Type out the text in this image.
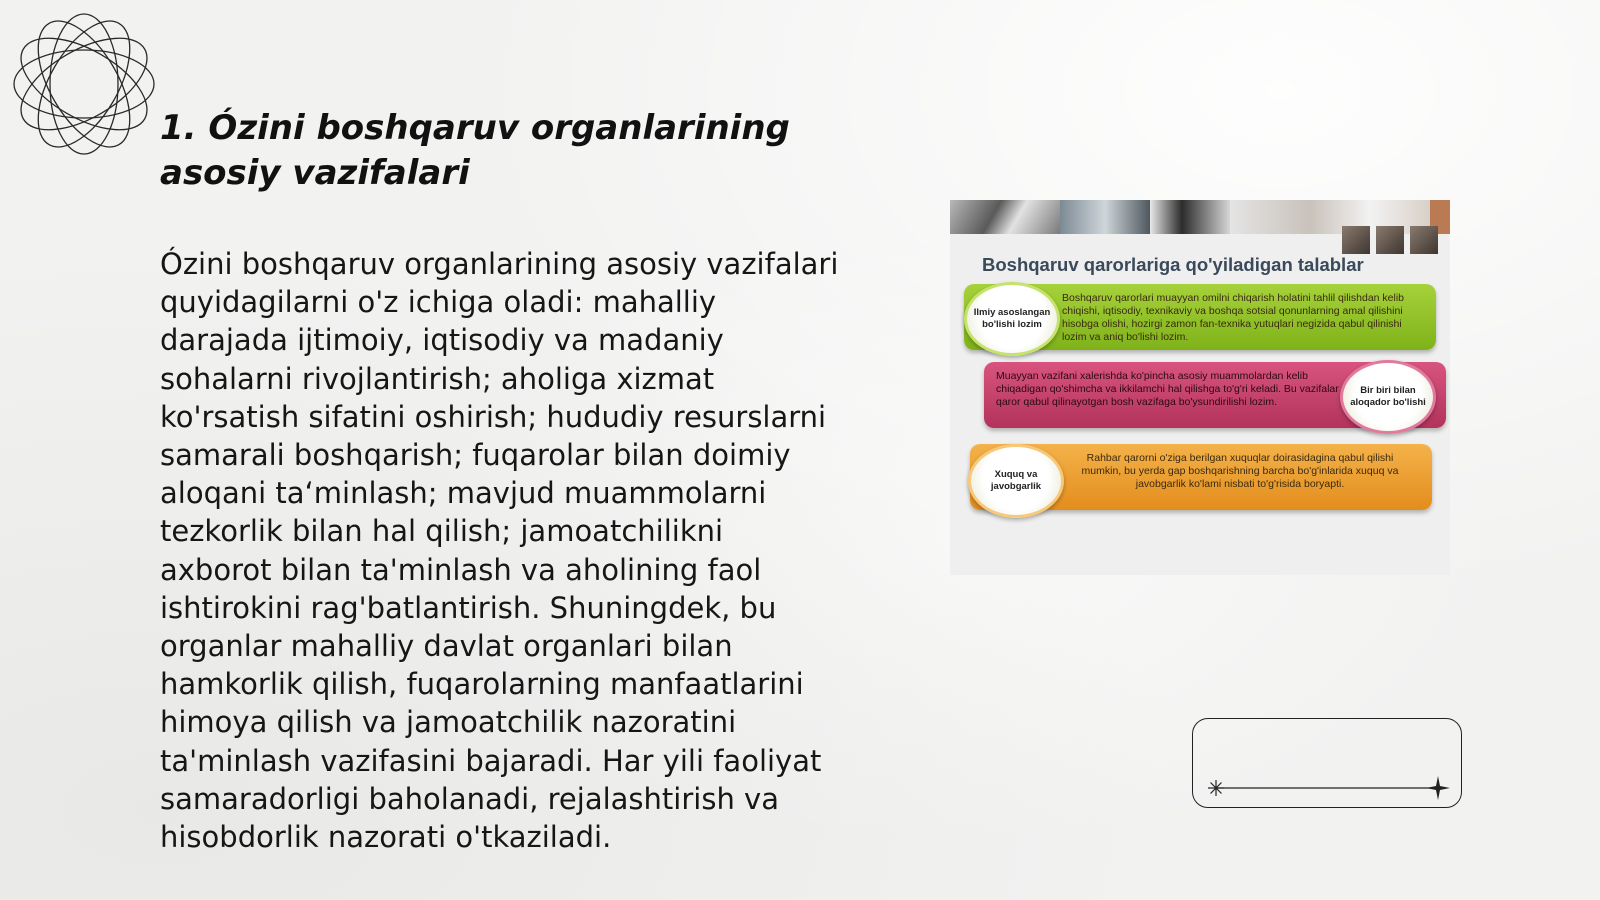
1. Ózini boshqaruv organlarining asosiy vazifalari
Ózini boshqaruv organlarining asosiy vazifalari quyidagilarni o'z ichiga oladi: mahalliy darajada ijtimoiy, iqtisodiy va madaniy sohalarni rivojlantirish; aholiga xizmat ko'rsatish sifatini oshirish; hududiy resurslarni samarali boshqarish; fuqarolar bilan doimiy aloqani taʻminlash; mavjud muammolarni tezkorlik bilan hal qilish; jamoatchilikni axborot bilan ta'minlash va aholining faol ishtirokini rag'batlantirish. Shuningdek, bu organlar mahalliy davlat organlari bilan hamkorlik qilish, fuqarolarning manfaatlarini himoya qilish va jamoatchilik nazoratini ta'minlash vazifasini bajaradi. Har yili faoliyat samaradorligi baholanadi, rejalashtirish va hisobdorlik nazorati o'tkaziladi.
Boshqaruv qarorlariga qo'yiladigan talablar
Boshqaruv qarorlari muayyan omilni chiqarish holatini tahlil qilishdan kelib chiqishi, iqtisodiy, texnikaviy va boshqa sotsial qonunlarning amal qilishini hisobga olishi, hozirgi zamon fan-texnika yutuqlari negizida qabul qilinishi lozim va aniq bo'lishi lozim.
Ilmiy asoslangan bo'lishi lozim
Muayyan vazifani xalerishda ko'pincha asosiy muammolardan kelib chiqadigan qo'shimcha va ikkilamchi hal qilishga to'g'ri keladi. Bu vazifalar qaror qabul qilinayotgan bosh vazifaga bo'ysundirilishi lozim.
Bir biri bilan aloqador bo'lishi
Rahbar qarorni o'ziga berilgan xuquqlar doirasidagina qabul qilishi mumkin, bu yerda gap boshqarishning barcha bo'g'inlarida xuquq va javobgarlik ko'lami nisbati to'g'risida boryapti.
Xuquq va javobgarlik
